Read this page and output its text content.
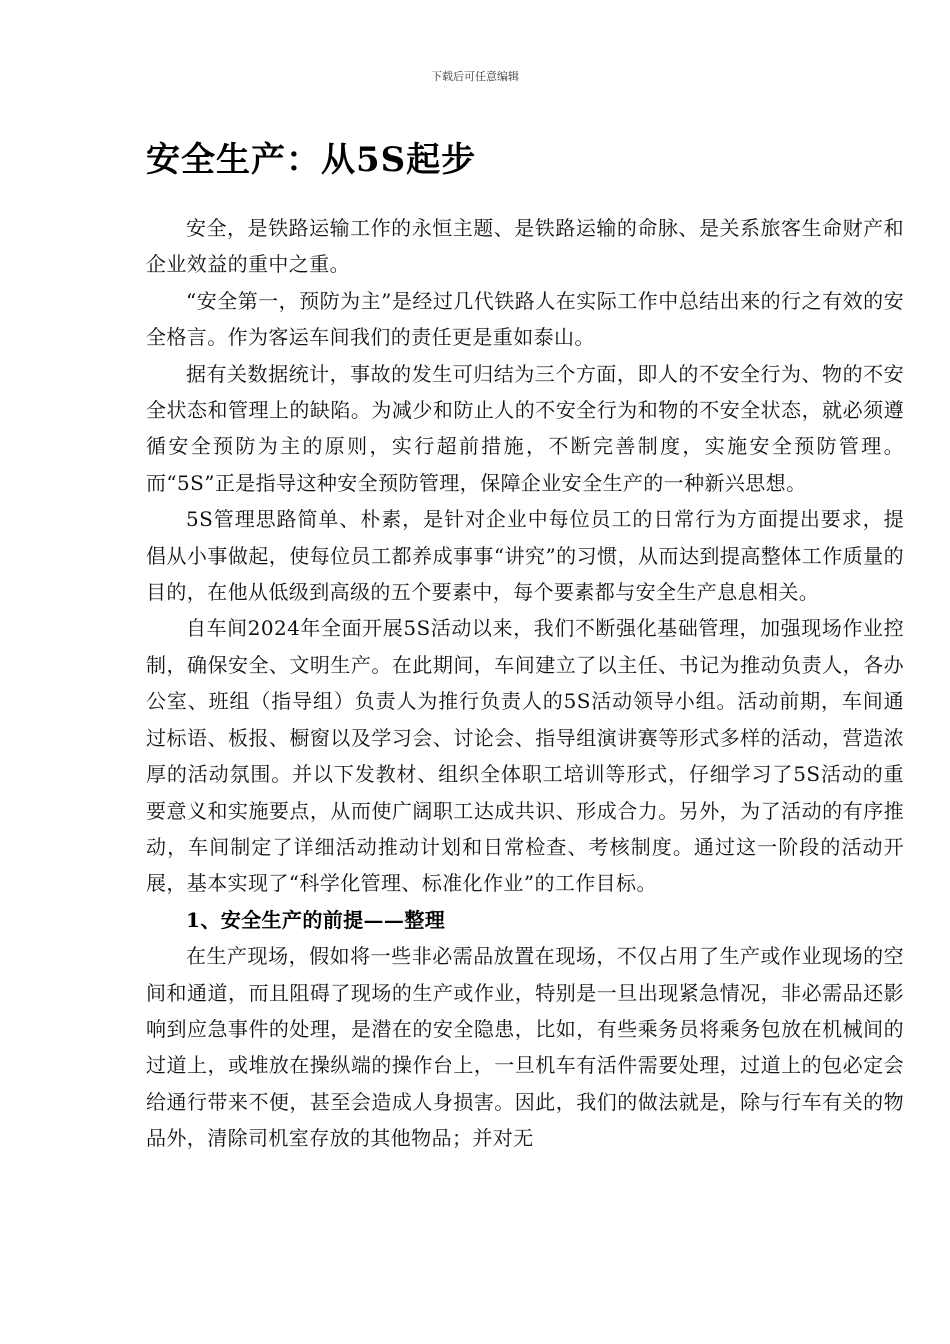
下载后可任意编辑
安全生产：从5S起步

安全，是铁路运输工作的永恒主题、是铁路运输的命脉、是关系旅客生命财产和企业效益的重中之重。

“安全第一，预防为主”是经过几代铁路人在实际工作中总结出来的行之有效的安全格言。作为客运车间我们的责任更是重如泰山。

据有关数据统计，事故的发生可归结为三个方面，即人的不安全行为、物的不安全状态和管理上的缺陷。为减少和防止人的不安全行为和物的不安全状态，就必须遵循安全预防为主的原则，实行超前措施，不断完善制度，实施安全预防管理。而“5S”正是指导这种安全预防管理，保障企业安全生产的一种新兴思想。

5S管理思路简单、朴素，是针对企业中每位员工的日常行为方面提出要求，提倡从小事做起，使每位员工都养成事事“讲究”的习惯，从而达到提高整体工作质量的目的，在他从低级到高级的五个要素中，每个要素都与安全生产息息相关。

自车间2024年全面开展5S活动以来，我们不断强化基础管理，加强现场作业控制，确保安全、文明生产。在此期间，车间建立了以主任、书记为推动负责人，各办公室、班组（指导组）负责人为推行负责人的5S活动领导小组。活动前期，车间通过标语、板报、橱窗以及学习会、讨论会、指导组演讲赛等形式多样的活动，营造浓厚的活动氛围。并以下发教材、组织全体职工培训等形式，仔细学习了5S活动的重要意义和实施要点，从而使广阔职工达成共识、形成合力。另外，为了活动的有序推动，车间制定了详细活动推动计划和日常检查、考核制度。通过这一阶段的活动开展，基本实现了“科学化管理、标准化作业”的工作目标。

1、安全生产的前提——整理

在生产现场，假如将一些非必需品放置在现场，不仅占用了生产或作业现场的空间和通道，而且阻碍了现场的生产或作业，特别是一旦出现紧急情况，非必需品还影响到应急事件的处理，是潜在的安全隐患，比如，有些乘务员将乘务包放在机械间的过道上，或堆放在操纵端的操作台上，一旦机车有活件需要处理，过道上的包必定会给通行带来不便，甚至会造成人身损害。因此，我们的做法就是，除与行车有关的物品外，清除司机室存放的其他物品；并对无
